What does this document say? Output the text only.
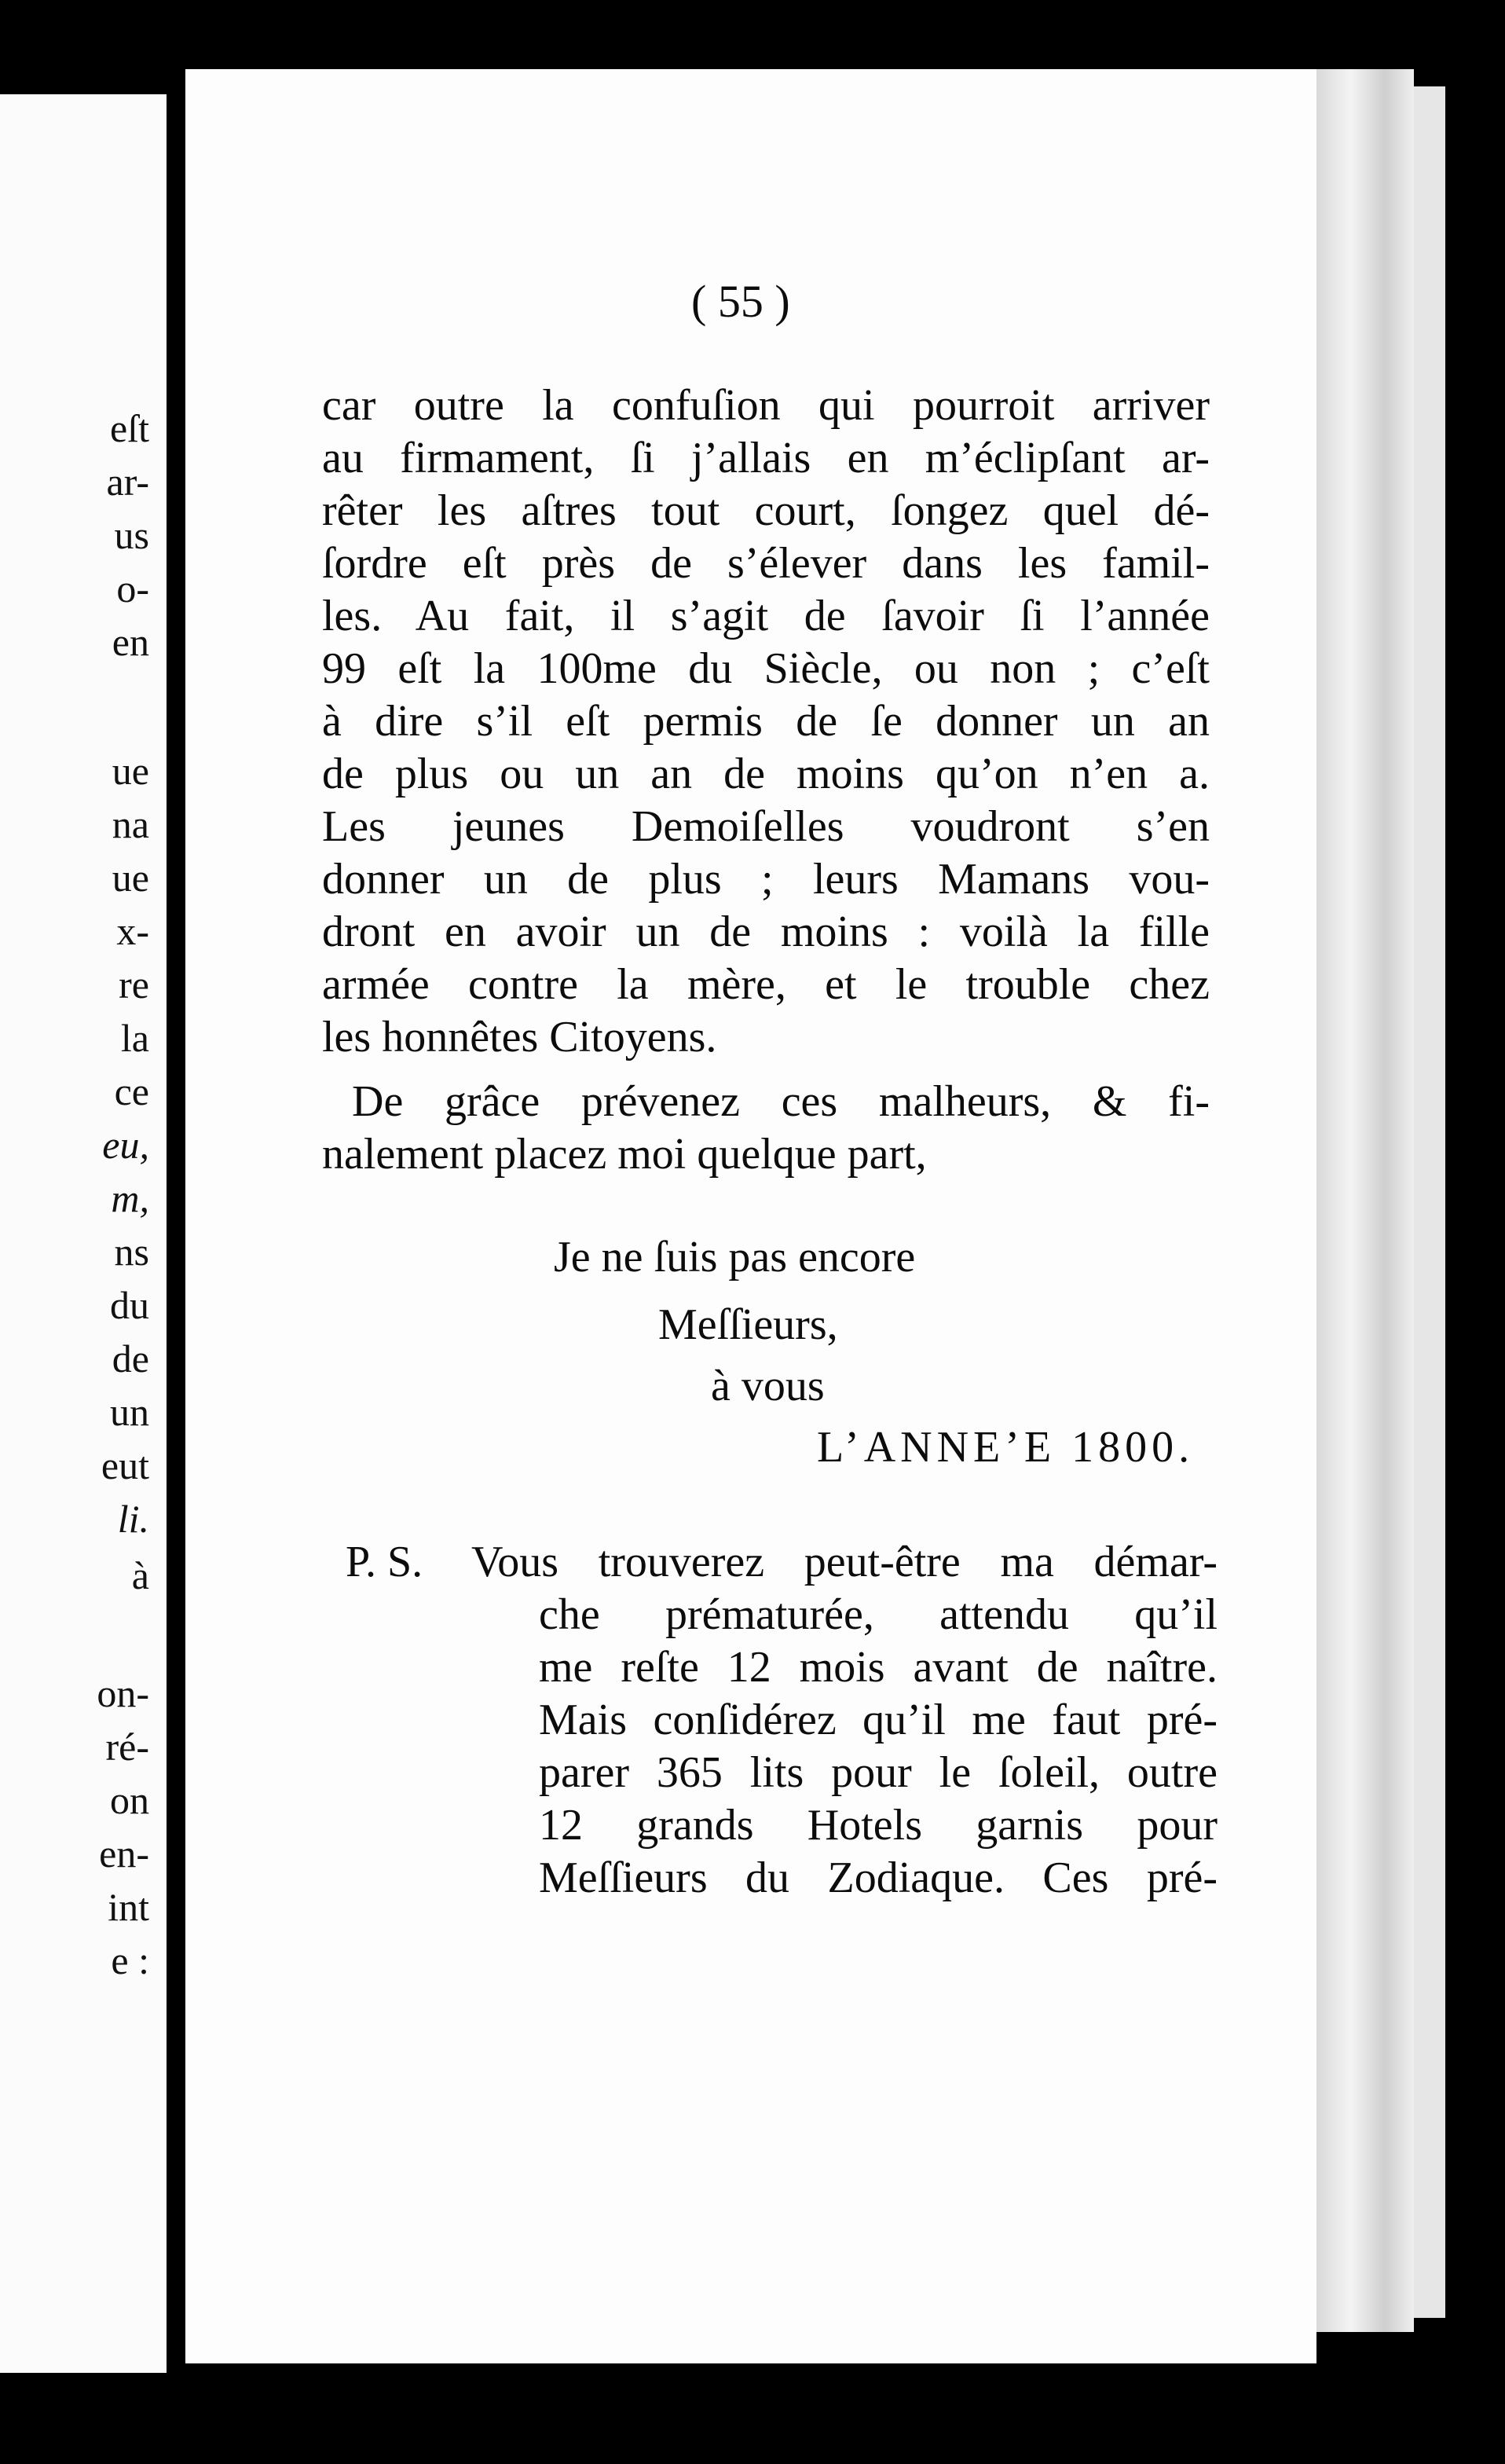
eſt
ar-
us
o-
en
ue
na
ue
x-
re
la
ce
eu,
m,
ns
du
de
un
eut
li.
à
on-
ré-
on
en-
int
e :
( 55 )
car outre la confuſion qui pourroit arriver
au firmament, ſi j’allais en m’éclipſant ar-
rêter les aſtres tout court, ſongez quel dé-
ſordre eſt près de s’élever dans les famil-
les. Au fait, il s’agit de ſavoir ſi l’année
99 eſt la 100me du Siècle, ou non ; c’eſt
à dire s’il eſt permis de ſe donner un an
de plus ou un an de moins qu’on n’en a.
Les jeunes Demoiſelles voudront s’en
donner un de plus ; leurs Mamans vou-
dront en avoir un de moins : voilà la fille
armée contre la mère, et le trouble chez
les honnêtes Citoyens.
De grâce prévenez ces malheurs, & fi-
nalement placez moi quelque part,
Je ne ſuis pas encore
Meſſieurs,
à vous
L’ANNE’E 1800.
P. S. Vous trouverez peut-être ma démar-
che prématurée, attendu qu’il
me reſte 12 mois avant de naître.
Mais conſidérez qu’il me faut pré-
parer 365 lits pour le ſoleil, outre
12 grands Hotels garnis pour
Meſſieurs du Zodiaque. Ces pré-
